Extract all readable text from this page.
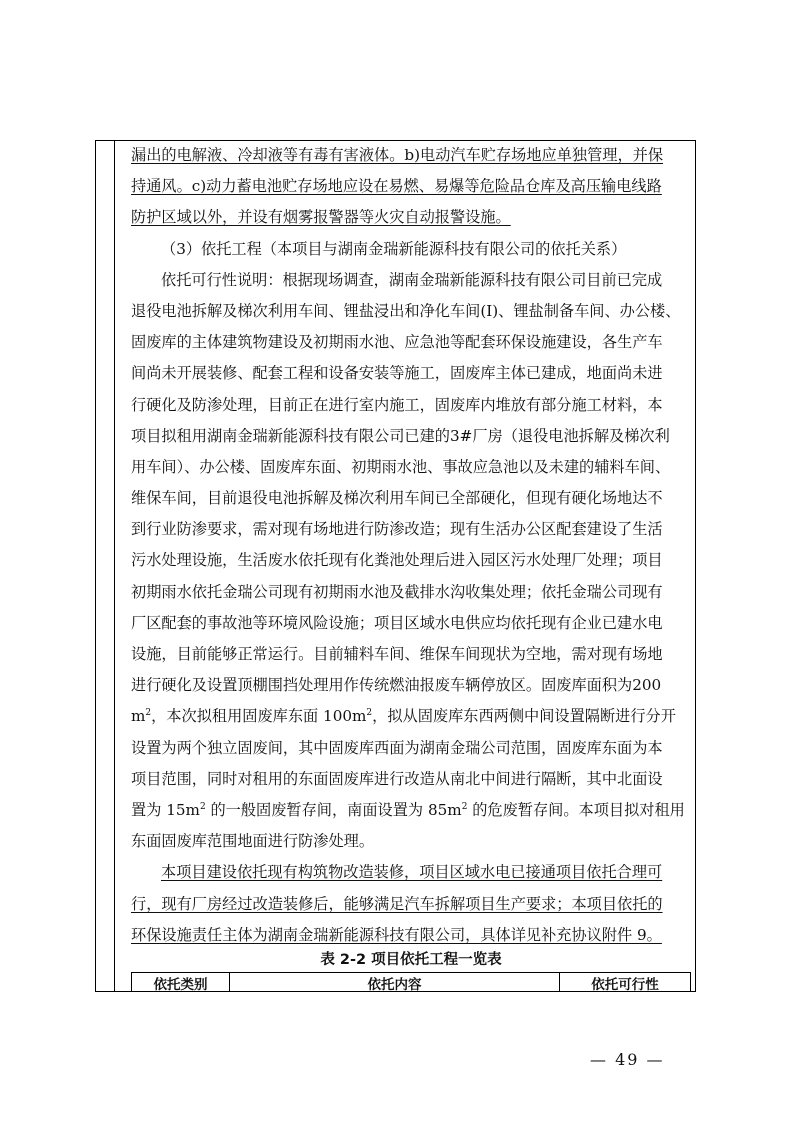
漏出的电解液、冷却液等有毒有害液体。b)电动汽车贮存场地应单独管理，并保
持通风。c)动力蓄电池贮存场地应设在易燃、易爆等危险品仓库及高压输电线路
防护区域以外，并设有烟雾报警器等火灾自动报警设施。
（3）依托工程（本项目与湖南金瑞新能源科技有限公司的依托关系）
依托可行性说明：根据现场调查，湖南金瑞新能源科技有限公司目前已完成
退役电池拆解及梯次利用车间、锂盐浸出和净化车间(I)、锂盐制备车间、办公楼、
固废库的主体建筑物建设及初期雨水池、应急池等配套环保设施建设，各生产车
间尚未开展装修、配套工程和设备安装等施工，固废库主体已建成，地面尚未进
行硬化及防渗处理，目前正在进行室内施工，固废库内堆放有部分施工材料，本
项目拟租用湖南金瑞新能源科技有限公司已建的3#厂房（退役电池拆解及梯次利
用车间）、办公楼、固废库东面、初期雨水池、事故应急池以及未建的辅料车间、
维保车间，目前退役电池拆解及梯次利用车间已全部硬化，但现有硬化场地达不
到行业防渗要求，需对现有场地进行防渗改造；现有生活办公区配套建设了生活
污水处理设施，生活废水依托现有化粪池处理后进入园区污水处理厂处理；项目
初期雨水依托金瑞公司现有初期雨水池及截排水沟收集处理；依托金瑞公司现有
厂区配套的事故池等环境风险设施；项目区域水电供应均依托现有企业已建水电
设施，目前能够正常运行。目前辅料车间、维保车间现状为空地，需对现有场地
进行硬化及设置顶棚围挡处理用作传统燃油报废车辆停放区。固废库面积为200
$m^2$，本次拟租用固废库东面 $100m^2$，拟从固废库东西两侧中间设置隔断进行分开
设置为两个独立固废间，其中固废库西面为湖南金瑞公司范围，固废库东面为本
项目范围，同时对租用的东面固废库进行改造从南北中间进行隔断，其中北面设
置为 $15m^2$ 的一般固废暂存间，南面设置为 $85m^2$ 的危废暂存间。本项目拟对租用
东面固废库范围地面进行防渗处理。
本项目建设依托现有构筑物改造装修，项目区域水电已接通项目依托合理可
行，现有厂房经过改造装修后，能够满足汽车拆解项目生产要求；本项目依托的
环保设施责任主体为湖南金瑞新能源科技有限公司，具体详见补充协议附件 9。
表 2-2 项目依托工程一览表
依托类别	依托内容	依托可行性
— 49 —
